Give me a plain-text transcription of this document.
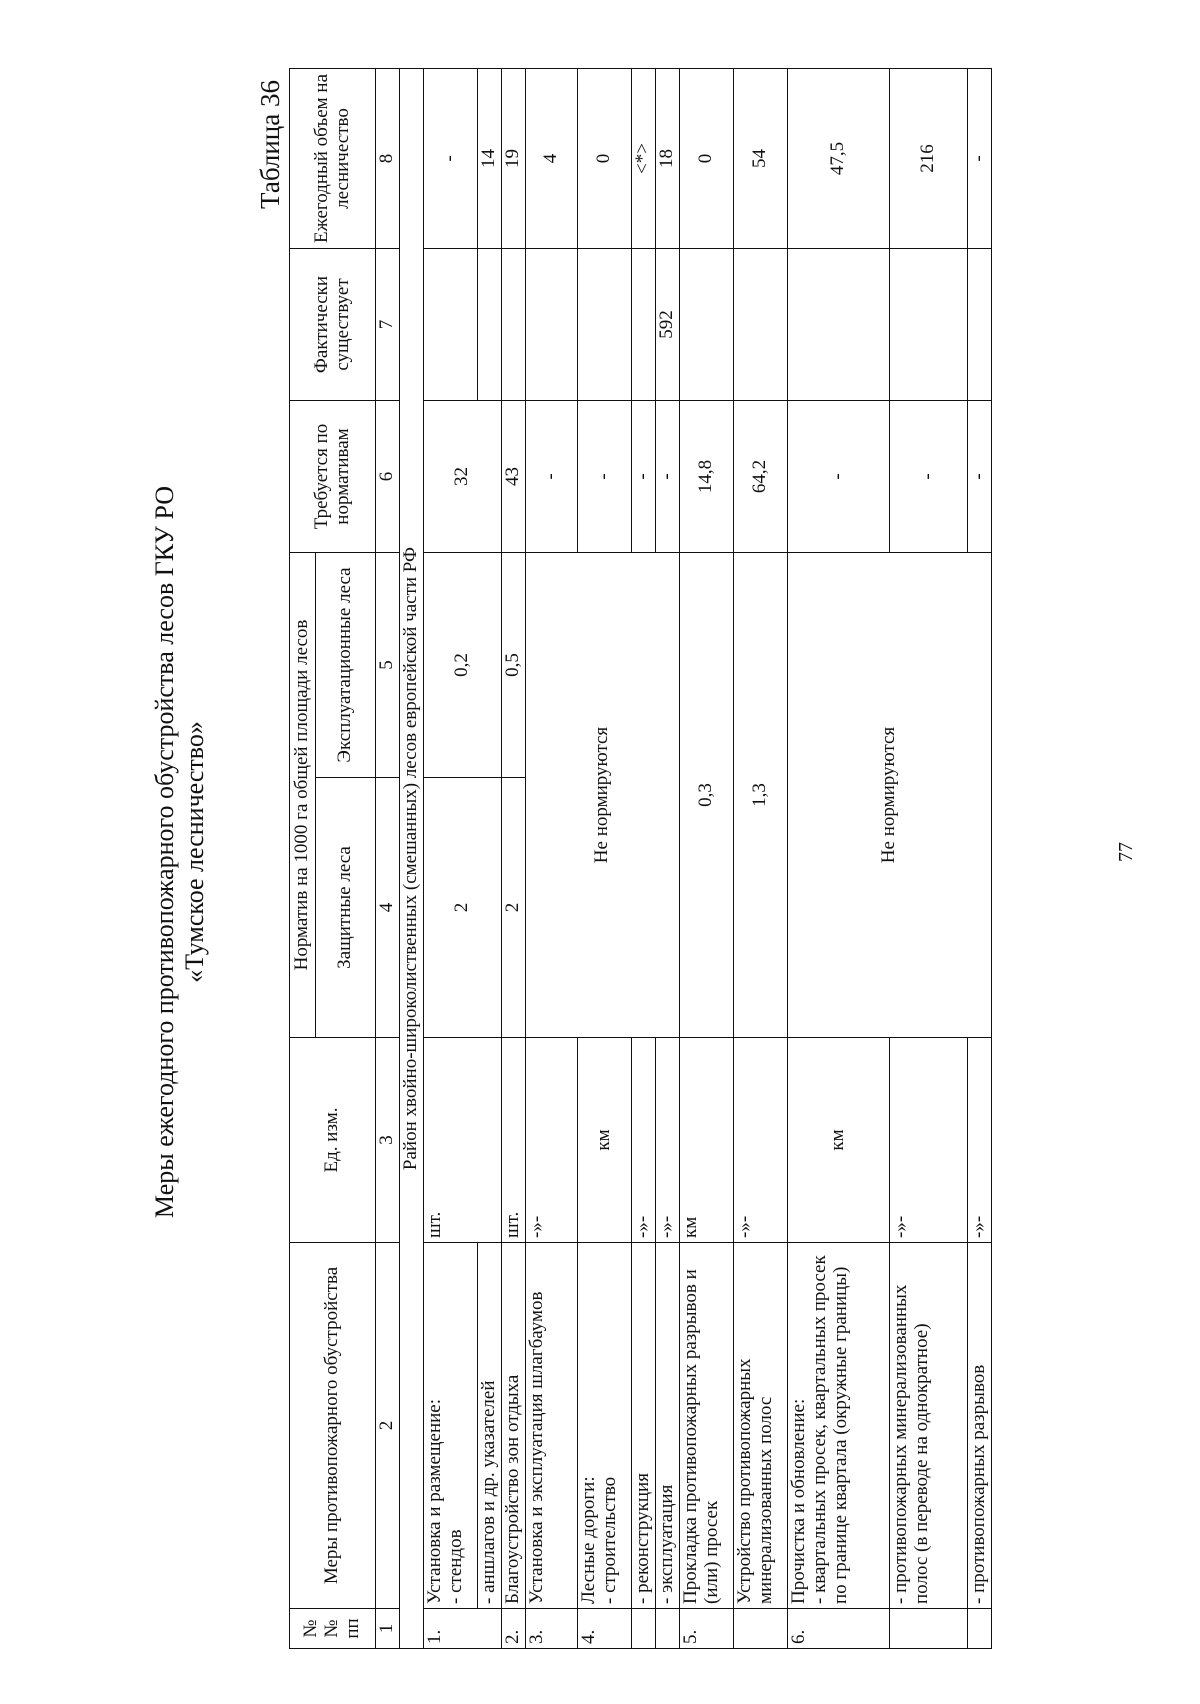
Меры ежегодного противопожарного обустройства лесов ГКУ РО «Тумское лесничество»
Таблица 36
№№ пп	Меры противопожарного обустройства	Ед. изм.	Норматив на 1000 га общей площади лесов		Требуется по нормативам	Фактически существует	Ежегодный объем на лесничество
			Защитные леса	Эксплуатационные леса			
1	2	3	4	5	6	7	8
Район хвойно-широколиственных (смешанных) лесов европейской части РФ							
1.	Установка и размещение:
- стендов	шт.	2	0,2	32		-
	- аншлагов и др. указателей						14
2.	Благоустройство зон отдыха	шт.	2	0,5	43		19
3.	Установка и эксплуатация шлагбаумов	-»-	Не нормируются		-		4
4.	Лесные дороги:
- строительство	км			-		0
	- реконструкция	-»-			-		<*>
	- эксплуатация	-»-			-	592	18
5.	Прокладка противопожарных разрывов и (или) просек	км	0,3		14,8		0
	Устройство противопожарных минерализованных полос	-»-	1,3		64,2		54
6.	Прочистка и обновление:
- квартальных просек, квартальных просек по границе квартала (окружные границы)	км	Не нормируются		-		47,5
	- противопожарных минерализованных полос (в переводе на однократное)	-»-			-		216
	- противопожарных разрывов	-»-			-		-
77
